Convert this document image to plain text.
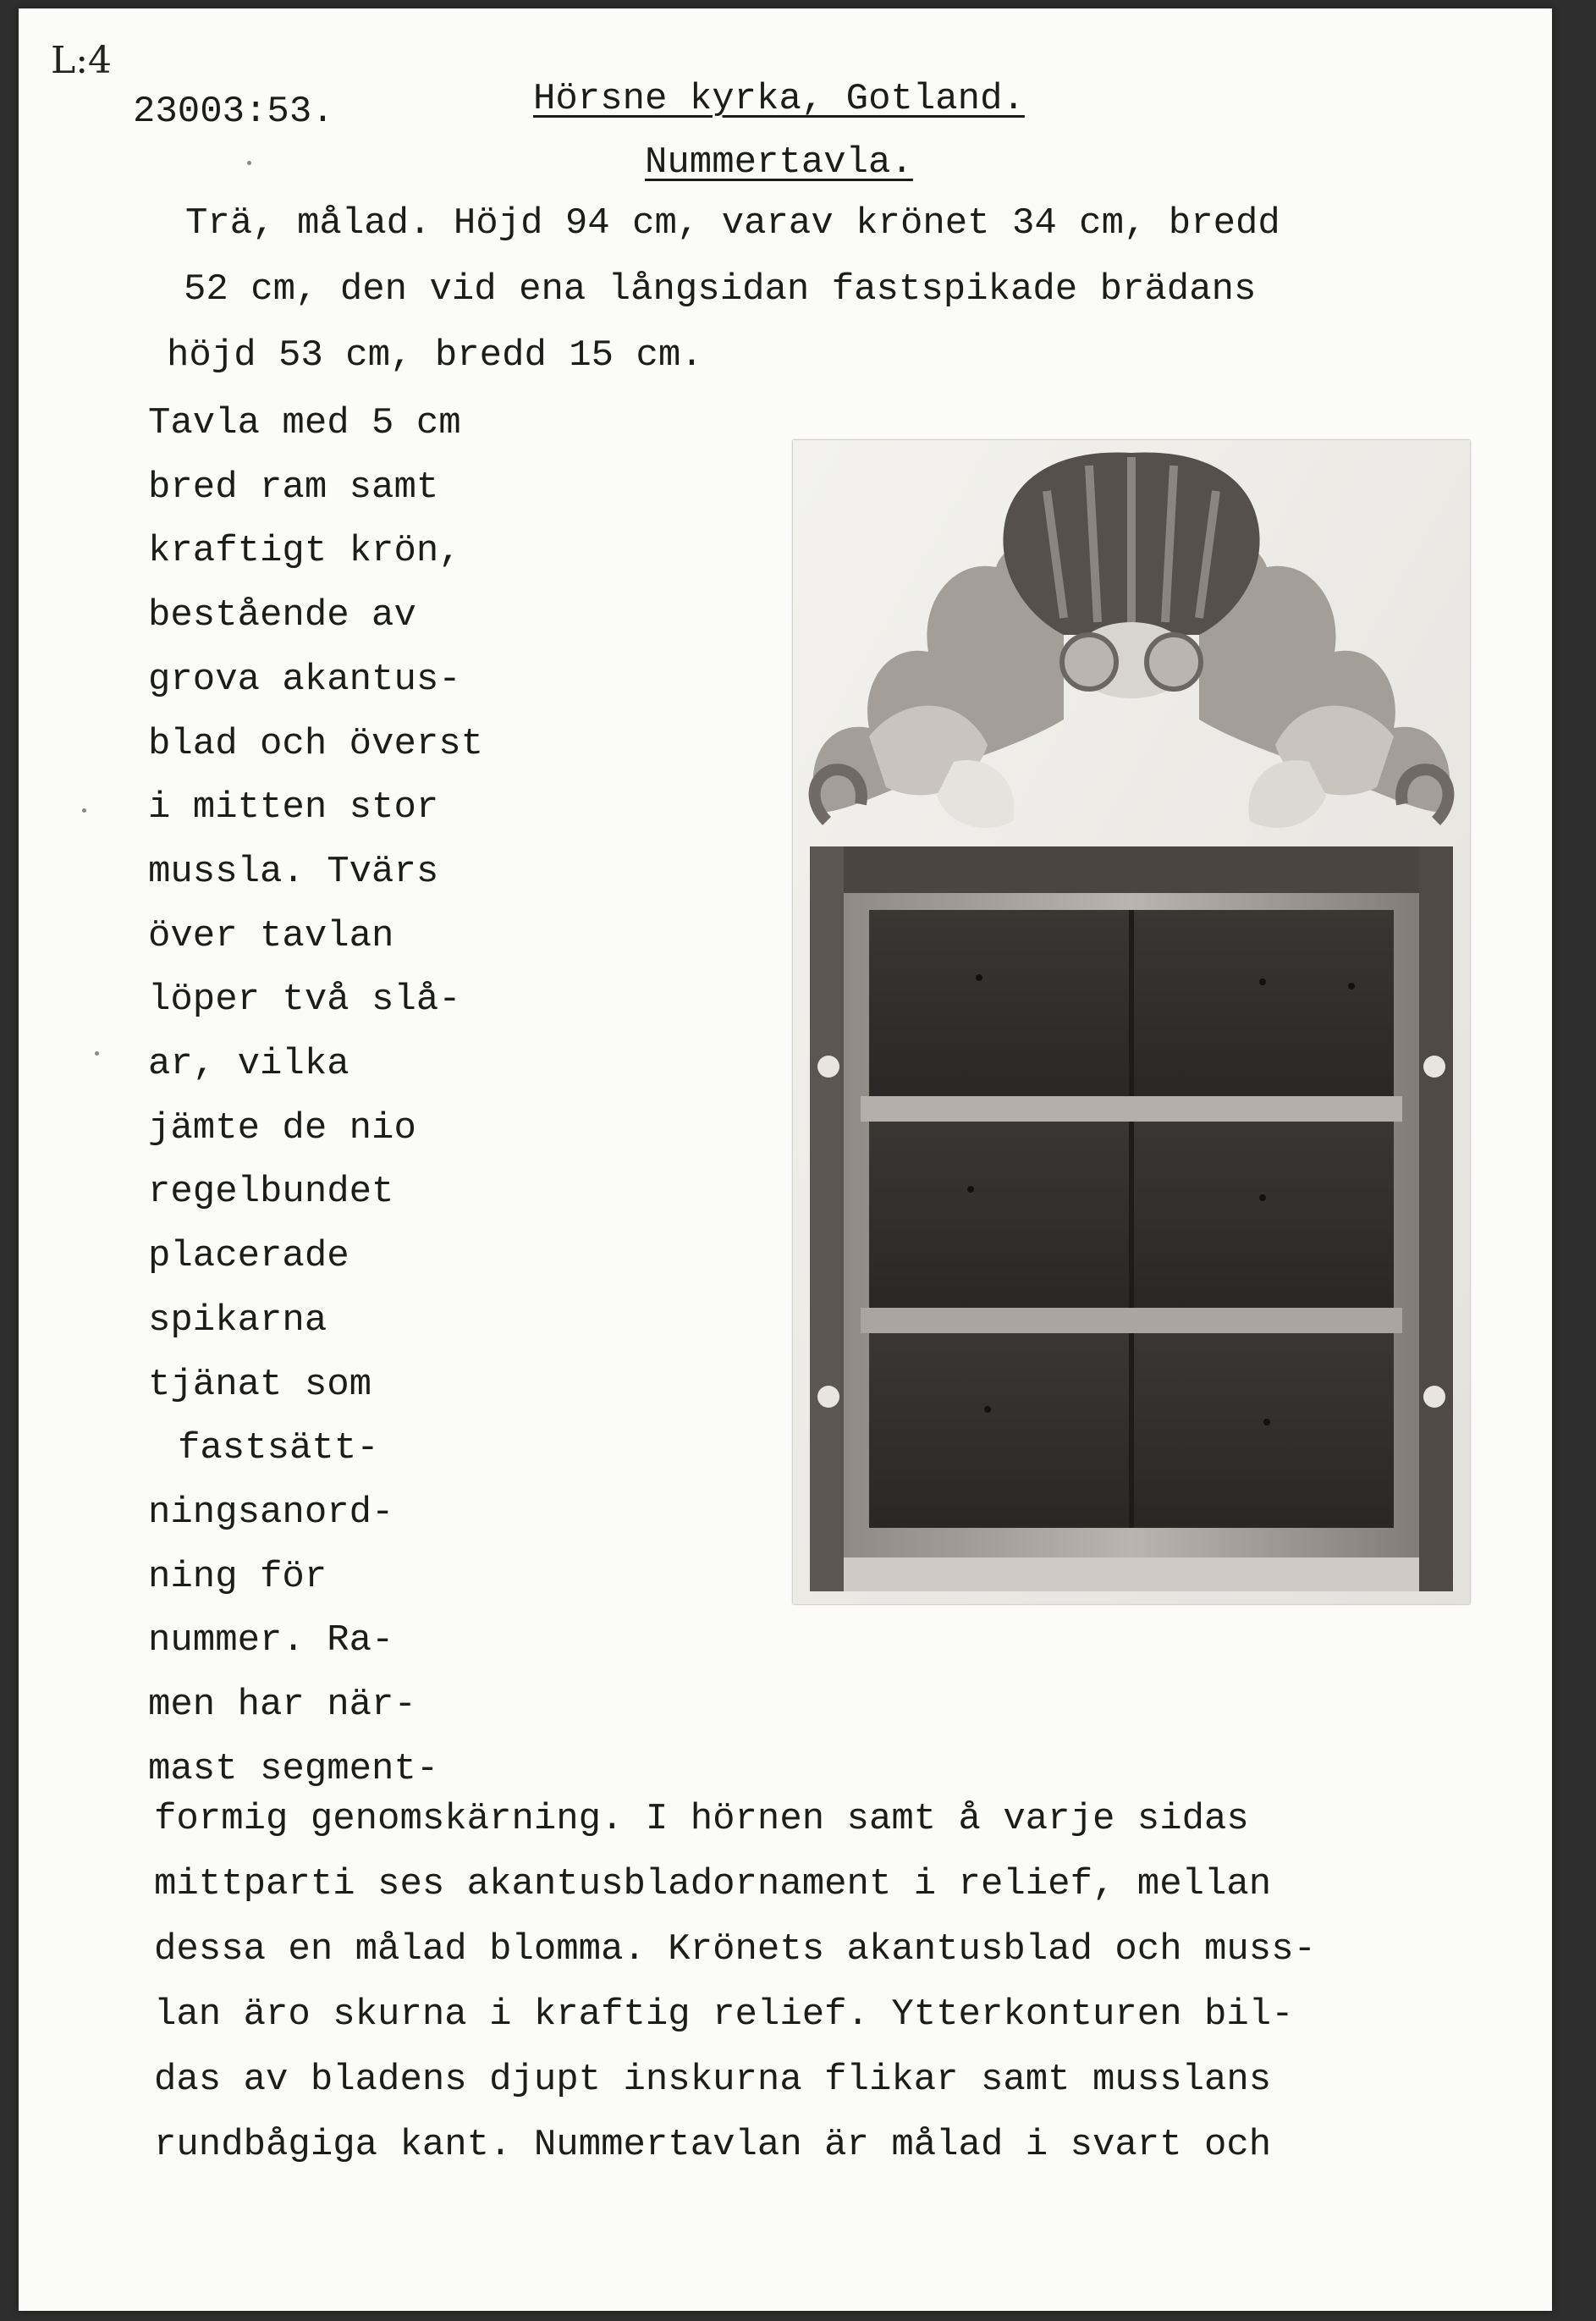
L:4
23003:53.	Hörsne kyrka, Gotland.
Nummertavla.
Trä, målad. Höjd 94 cm, varav krönet 34 cm, bredd
52 cm, den vid ena långsidan fastspikade brädans
höjd 53 cm, bredd 15 cm.
Tavla med 5 cm
bred ram samt
kraftigt krön,
bestående av
grova akantus-
blad och överst
i mitten stor
mussla. Tvärs
över tavlan
löper två slå-
ar, vilka
jämte de nio
regelbundet
placerade
spikarna
tjänat som
fastsätt-
ningsanord-
ning för
nummer. Ra-
men har när-
mast segment-
formig genomskärning. I hörnen samt å varje sidas
mittparti ses akantusbladornament i relief, mellan
dessa en målad blomma. Krönets akantusblad och muss-
lan äro skurna i kraftig relief. Ytterkonturen bil-
das av bladens djupt inskurna flikar samt musslans
rundbågiga kant. Nummertavlan är målad i svart och
